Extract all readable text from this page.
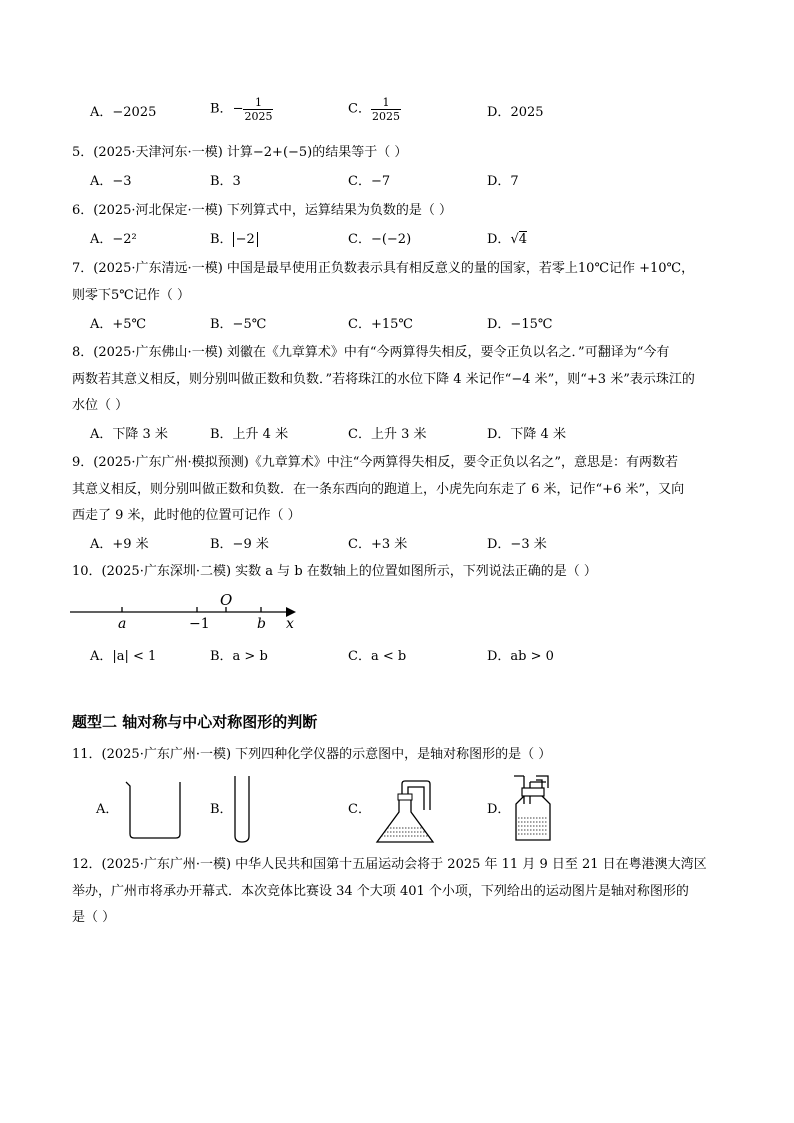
A．−2025	B．− $\frac{1}{2025}$	C． $\frac{1}{2025}$	D．2025
5．(2025·天津河东·一模) 计算−2+(−5)的结果等于（ ）
A．−3	B．3	C．−7	D．7
6．(2025·河北保定·一模) 下列算式中，运算结果为负数的是（ ）
A．−2²	B． −2	C．−(−2)	D．√4
7．(2025·广东清远·一模) 中国是最早使用正负数表示具有相反意义的量的国家，若零上10℃记作 +10℃，
则零下5℃记作（ ）
A．+5℃	B．−5℃	C．+15℃	D．−15℃
8．(2025·广东佛山·一模) 刘徽在《九章算术》中有“今两算得失相反，要令正负以名之．”可翻译为“今有
两数若其意义相反，则分别叫做正数和负数．”若将珠江的水位下降 4 米记作“−4 米”，则“+3 米”表示珠江的
水位（ ）
A．下降 3 米	B．上升 4 米	C．上升 3 米	D．下降 4 米
9．(2025·广东广州·模拟预测)《九章算术》中注“今两算得失相反，要令正负以名之”，意思是：有两数若
其意义相反，则分别叫做正数和负数．在一条东西向的跑道上，小虎先向东走了 6 米，记作“+6 米”，又向
西走了 9 米，此时他的位置可记作（ ）
A．+9 米	B．−9 米	C．+3 米	D．−3 米
10．(2025·广东深圳·二模) 实数 a 与 b 在数轴上的位置如图所示，下列说法正确的是（ ）
O
a	−1	b x
A．|a| < 1	B．a > b	C．a < b	D．ab > 0
题型二 轴对称与中心对称图形的判断
11．(2025·广东广州·一模) 下列四种化学仪器的示意图中，是轴对称图形的是（ ）
A．	B．	C．	D．
12．(2025·广东广州·一模) 中华人民共和国第十五届运动会将于 2025 年 11 月 9 日至 21 日在粤港澳大湾区
举办，广州市将承办开幕式．本次竞体比赛设 34 个大项 401 个小项，下列给出的运动图片是轴对称图形的
是（ ）
